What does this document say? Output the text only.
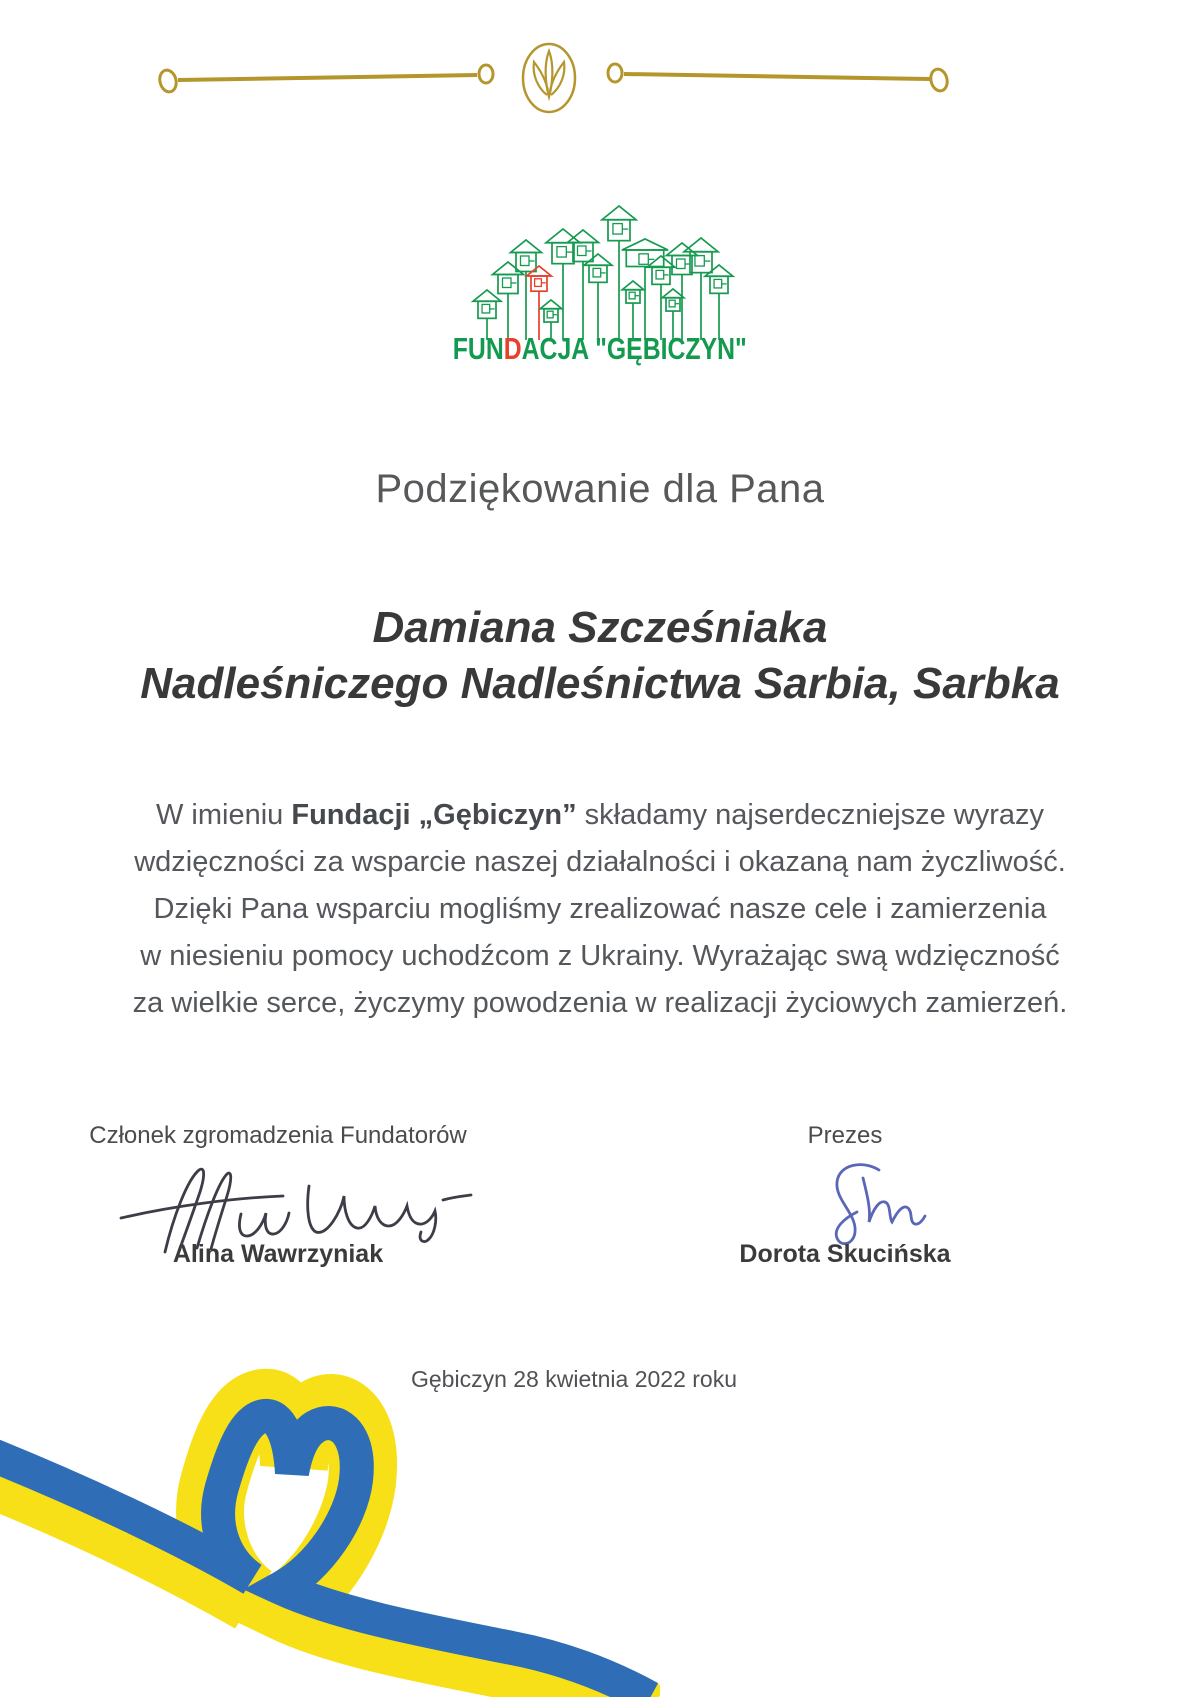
FUNDACJA "GĘBICZYN"
Podziękowanie dla Pana
Damiana Szcześniaka
Nadleśniczego Nadleśnictwa Sarbia, Sarbka
W imieniu Fundacji „Gębiczyn” składamy najserdeczniejsze wyrazy
wdzięczności za wsparcie naszej działalności i okazaną nam życzliwość.
Dzięki Pana wsparciu mogliśmy zrealizować nasze cele i zamierzenia
w niesieniu pomocy uchodźcom z Ukrainy. Wyrażając swą wdzięczność
za wielkie serce, życzymy powodzenia w realizacji życiowych zamierzeń.
Członek zgromadzenia Fundatorów
Alina Wawrzyniak
Prezes
Dorota Skucińska
Gębiczyn 28 kwietnia 2022 roku
